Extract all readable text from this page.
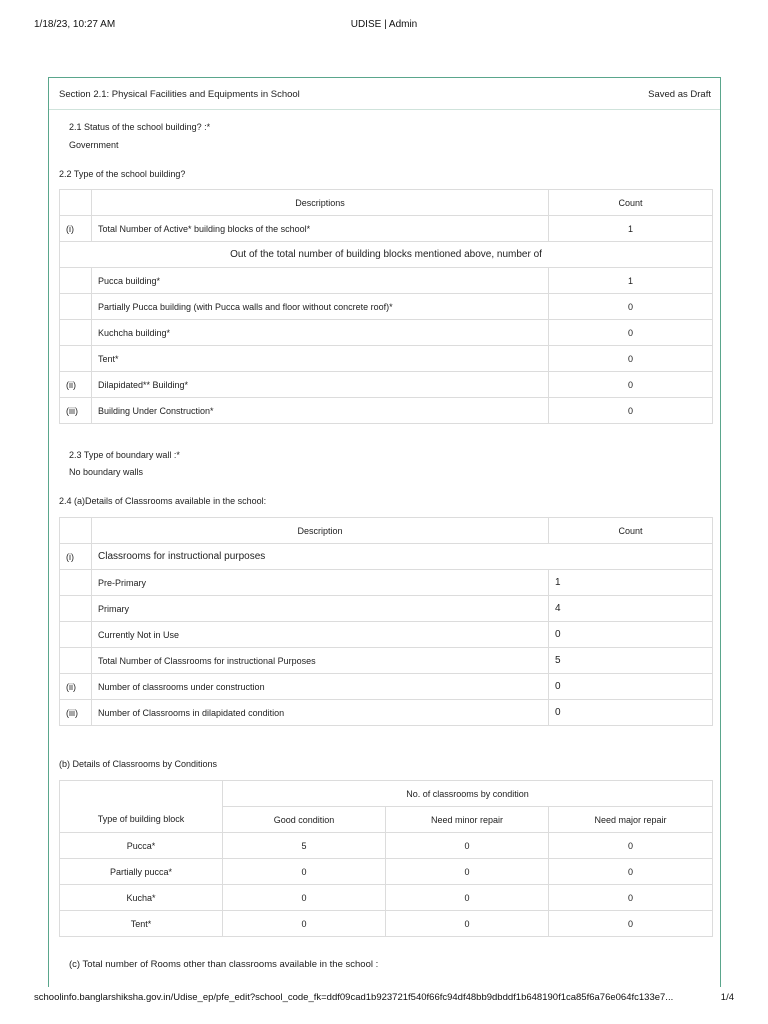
1/18/23, 10:27 AM	UDISE | Admin
Section 2.1: Physical Facilities and Equipments in School	Saved as Draft
2.1 Status of the school building? :*
Government
2.2 Type of the school building?
	Descriptions	Count
(i)	Total Number of Active* building blocks of the school*	1
Out of the total number of building blocks mentioned above, number of		
	Pucca building*	1
	Partially Pucca building (with Pucca walls and floor without concrete roof)*	0
	Kuchcha building*	0
	Tent*	0
(ii)	Dilapidated** Building*	0
(iii)	Building Under Construction*	0
2.3 Type of boundary wall :*
No boundary walls
2.4 (a)Details of Classrooms available in the school:
	Description	Count
(i)	Classrooms for instructional purposes	
	Pre-Primary	1
	Primary	4
	Currently Not in Use	0
	Total Number of Classrooms for instructional Purposes	5
(ii)	Number of classrooms under construction	0
(iii)	Number of Classrooms in dilapidated condition	0
(b) Details of Classrooms by Conditions
	No. of classrooms by condition		
Type of building block	Good condition	Need minor repair	Need major repair
Pucca*	5	0	0
Partially pucca*	0	0	0
Kucha*	0	0	0
Tent*	0	0	0
(c) Total number of Rooms other than classrooms available in the school :
schoolinfo.banglarshiksha.gov.in/Udise_ep/pfe_edit?school_code_fk=ddf09cad1b923721f540f66fc94df48bb9dbddf1b648190f1ca85f6a76e064fc133e7...	1/4
